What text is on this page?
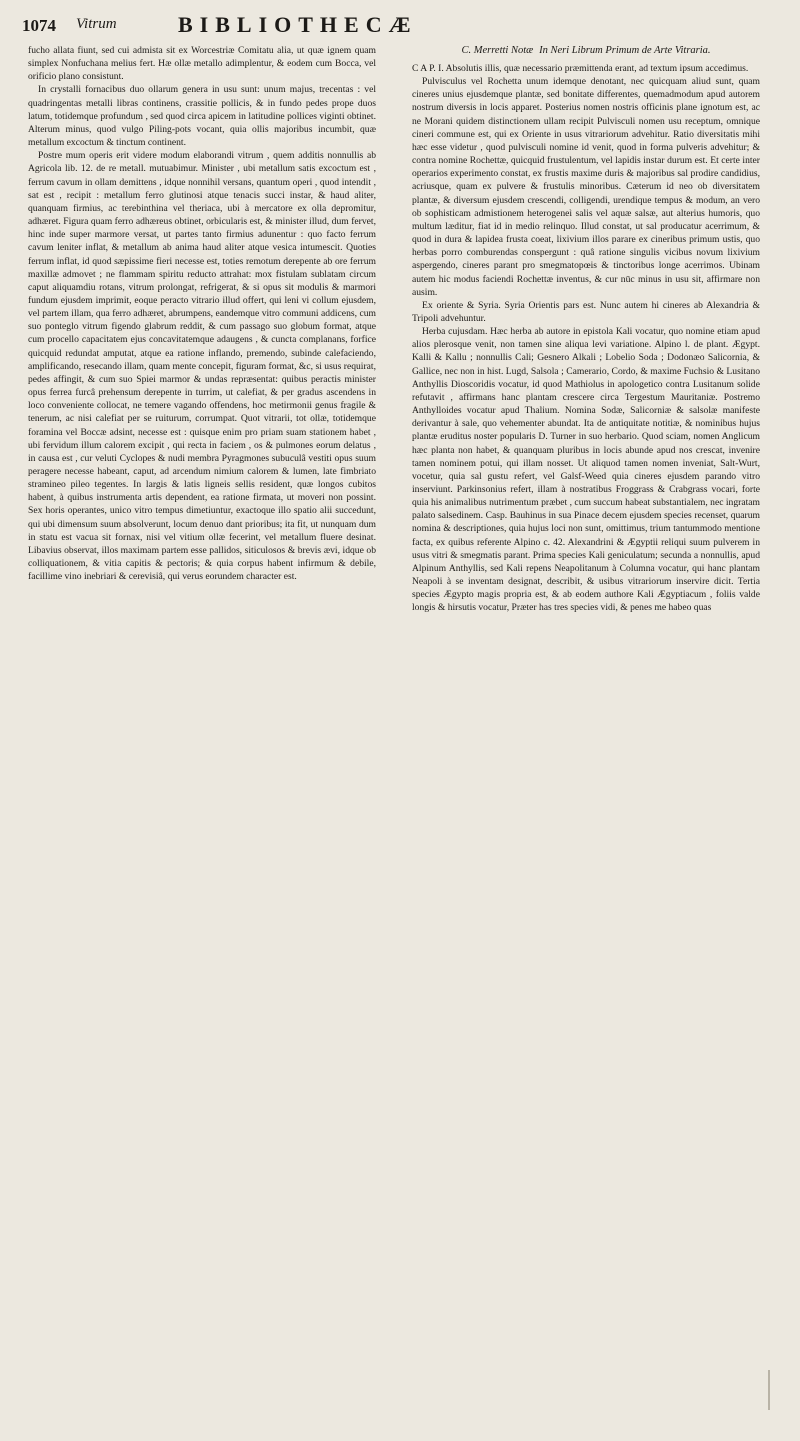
1074 Vitrum	BIBLIOTHECÆ

fucho allata fiunt, sed cui admista sit ex Worcestriæ Comitatu alia, ut quæ ignem quam simplex Nonfuchana melius fert. Hæ ollæ metallo adimplentur, & eodem cum Bocca, vel orificio plano consistunt.

In crystalli fornacibus duo ollarum genera in usu sunt: unum majus, trecentas : vel quadringentas metalli libras continens, crassitie pollicis, & in fundo pedes prope duos latum, totidemque profundum , sed quod circa apicem in latitudine pollices viginti obtinet. Alterum minus, quod vulgo Piling-pots vocant, quia ollis majoribus incumbit, quæ metallum excoctum & tinctum continent.

Postre mum operis erit videre modum elaborandi vitrum , quem additis nonnullis ab Agricola lib. 12. de re metall. mutuabimur. Minister , ubi metallum satis excoctum est , ferrum cavum in ollam demittens , idque nonnihil versans, quantum operi , quod intendit , sat est , recipit : metallum ferro glutinosi atque tenacis succi instar, & haud aliter, quanquam firmius, ac terebinthina vel theriaca, ubi à mercatore ex olla depromitur, adhæret. Figura quam ferro adhæreus obtinet, orbicularis est, & minister illud, dum fervet, hinc inde super marmore versat, ut partes tanto firmius adunentur : quo facto ferrum cavum leniter inflat, & metallum ab anima haud aliter atque vesica intumescit. Quoties ferrum inflat, id quod sæpissime fieri necesse est, toties remotum derepente ab ore ferrum maxillæ admovet ; ne flammam spiritu reducto attrahat: mox fistulam sublatam circum caput aliquamdiu rotans, vitrum prolongat, refrigerat, & si opus sit modulis & marmori fundum ejusdem imprimit, eoque peracto vitrario illud offert, qui leni vi collum ejusdem, vel partem illam, qua ferro adhæret, abrumpens, eandemque vitro communi addicens, cum suo ponteglo vitrum figendo glabrum reddit, & cum passago suo globum format, atque cum procello capacitatem ejus concavitatemque adaugens , & cuncta complanans, forfice quicquid redundat amputat, atque ea ratione inflando, premendo, subinde calefaciendo, amplificando, resecando illam, quam mente concepit, figuram format, &c, si usus requirat, pedes affingit, & cum suo Spiei marmor & undas repræsentat: quibus peractis minister opus ferrea furcâ prehensum derepente in turrim, ut calefiat, & per gradus ascendens in loco conveniente collocat, ne temere vagando offendens, hoc metirmonii genus fragile & tenerum, ac nisi calefiat per se ruiturum, corrumpat. Quot vitrarii, tot ollæ, totidemque foramina vel Boccæ adsint, necesse est : quisque enim pro priam suam stationem habet , ubi fervidum illum calorem excipit , qui recta in faciem , os & pulmones eorum delatus , in causa est , cur veluti Cyclopes & nudi membra Pyragmones subuculâ vestiti opus suum peragere necesse habeant, caput, ad arcendum nimium calorem & lumen, late fimbriato stramineo pileo tegentes. In largis & latis ligneis sellis resident, quæ longos cubitos habent, à quibus instrumenta artis dependent, ea ratione firmata, ut moveri non possint. Sex horis operantes, unico vitro tempus dimetiuntur, exactoque illo spatio alii succedunt, qui ubi dimensum suum absolverunt, locum denuo dant prioribus; ita fit, ut nunquam dum in statu est vacua sit fornax, nisi vel vitium ollæ fecerint, vel metallum fluere desinat. Libavius observat, illos maximam partem esse pallidos, siticulosos & brevis ævi, idque ob colliquationem, & vitia capitis & pectoris; & quia corpus habent infirmum & debile, facillime vino inebriari & cerevisiâ, qui verus eorundem character est.

C. Merretti Notæ In Neri Librum Primum de Arte Vitraria.

C A P. I. Absolutis illis, quæ necessario præmittenda erant, ad textum ipsum accedimus.

Pulvisculus vel Rochetta unum idemque denotant, nec quicquam aliud sunt, quam cineres unius ejusdemque plantæ, sed bonitate differentes, quemadmodum apud autorem nostrum diversis in locis apparet. Posterius nomen nostris officinis plane ignotum est, ac ne Morani quidem distinctionem ullam recipit Pulvisculi nomen usu receptum, omnique cineri commune est, qui ex Oriente in usus vitrariorum advehitur. Ratio diversitatis mihi hæc esse videtur , quod pulvisculi nomine id venit, quod in forma pulveris advehitur; & contra nomine Rochettæ, quicquid frustulentum, vel lapidis instar durum est. Et certe inter operarios experimento constat, ex frustis maxime duris & majoribus sal prodire candidius, acriusque, quam ex pulvere & frustulis minoribus. Cæterum id neo ob diversitatem plantæ, & diversum ejusdem crescendi, colligendi, urendique tempus & modum, an vero ob sophisticam admistionem heterogeneì salis vel aquæ salsæ, aut alterius humoris, quo multum læditur, fiat id in medio relinquo. Illud constat, ut sal producatur acerrimum, & quod in dura & lapidea frusta coeat, lixivium illos parare ex cineribus primum ustis, quo herbas porro comburendas conspergunt : quâ ratione singulis vicibus novum lixivium aspergendo, cineres parant pro smegmatopœis & tinctoribus longe acerrimos. Ubinam autem hic modus faciendi Rochettæ inventus, & cur nūc minus in usu sit, affirmare non ausim.

Ex oriente & Syria. Syria Orientis pars est. Nunc autem hi cineres ab Alexandria & Tripoli advehuntur.

Herba cujusdam. Hæc herba ab autore in epistola Kali vocatur, quo nomine etiam apud alios plerosque venit, non tamen sine aliqua levi variatione. Alpino l. de plant. Ægypt. Kalli & Kallu ; nonnullis Cali; Gesnero Alkali ; Lobelio Soda ; Dodonæo Salicornia, & Gallice, nec non in hist. Lugd, Salsola ; Camerario, Cordo, & maxime Fuchsio & Lusitano Anthyllis Dioscoridis vocatur, id quod Mathiolus in apologetico contra Lusitanum solide refutavit , affirmans hanc plantam crescere circa Tergestum Mauritaniæ. Postremo Anthylloides vocatur apud Thalium. Nomina Sodæ, Salicorniæ & salsolæ manifeste derivantur à sale, quo vehementer abundat. Ita de antiquitate notitiæ, & nominibus hujus plantæ eruditus noster popularis D. Turner in suo herbario. Quod sciam, nomen Anglicum hæc planta non habet, & quanquam pluribus in locis abunde apud nos crescat, invenire tamen nominem potui, qui illam nosset. Ut aliquod tamen nomen inveniat, Salt-Wurt, vocetur, quia sal gustu refert, vel Galsf-Weed quia cineres ejusdem parando vitro inserviunt. Parkinsonius refert, illam à nostratibus Froggrass & Crabgrass vocari, forte quia his animalibus nutrimentum præbet , cum succum habeat substantialem, nec ingratam palato salsedinem. Casp. Bauhinus in sua Pinace decem ejusdem species recenset, quarum nomina & descriptiones, quia hujus loci non sunt, omittimus, trium tantummodo mentione facta, ex quibus referente Alpino c. 42. Alexandrini & Ægyptii reliqui suum pulverem in usus vitri & smegmatis parant. Prima species Kali geniculatum; secunda a nonnullis, apud Alpinum Anthyllis, sed Kali repens Neapolitanum à Columna vocatur, qui hanc plantam Neapoli à se inventam designat, describit, & usibus vitrariorum inservire dicit. Tertia species Ægypto magis propria est, & ab eodem authore Kali Ægyptiacum , foliis valde longis & hirsutis vocatur, Præter has tres species vidi, & penes me habeo quas
